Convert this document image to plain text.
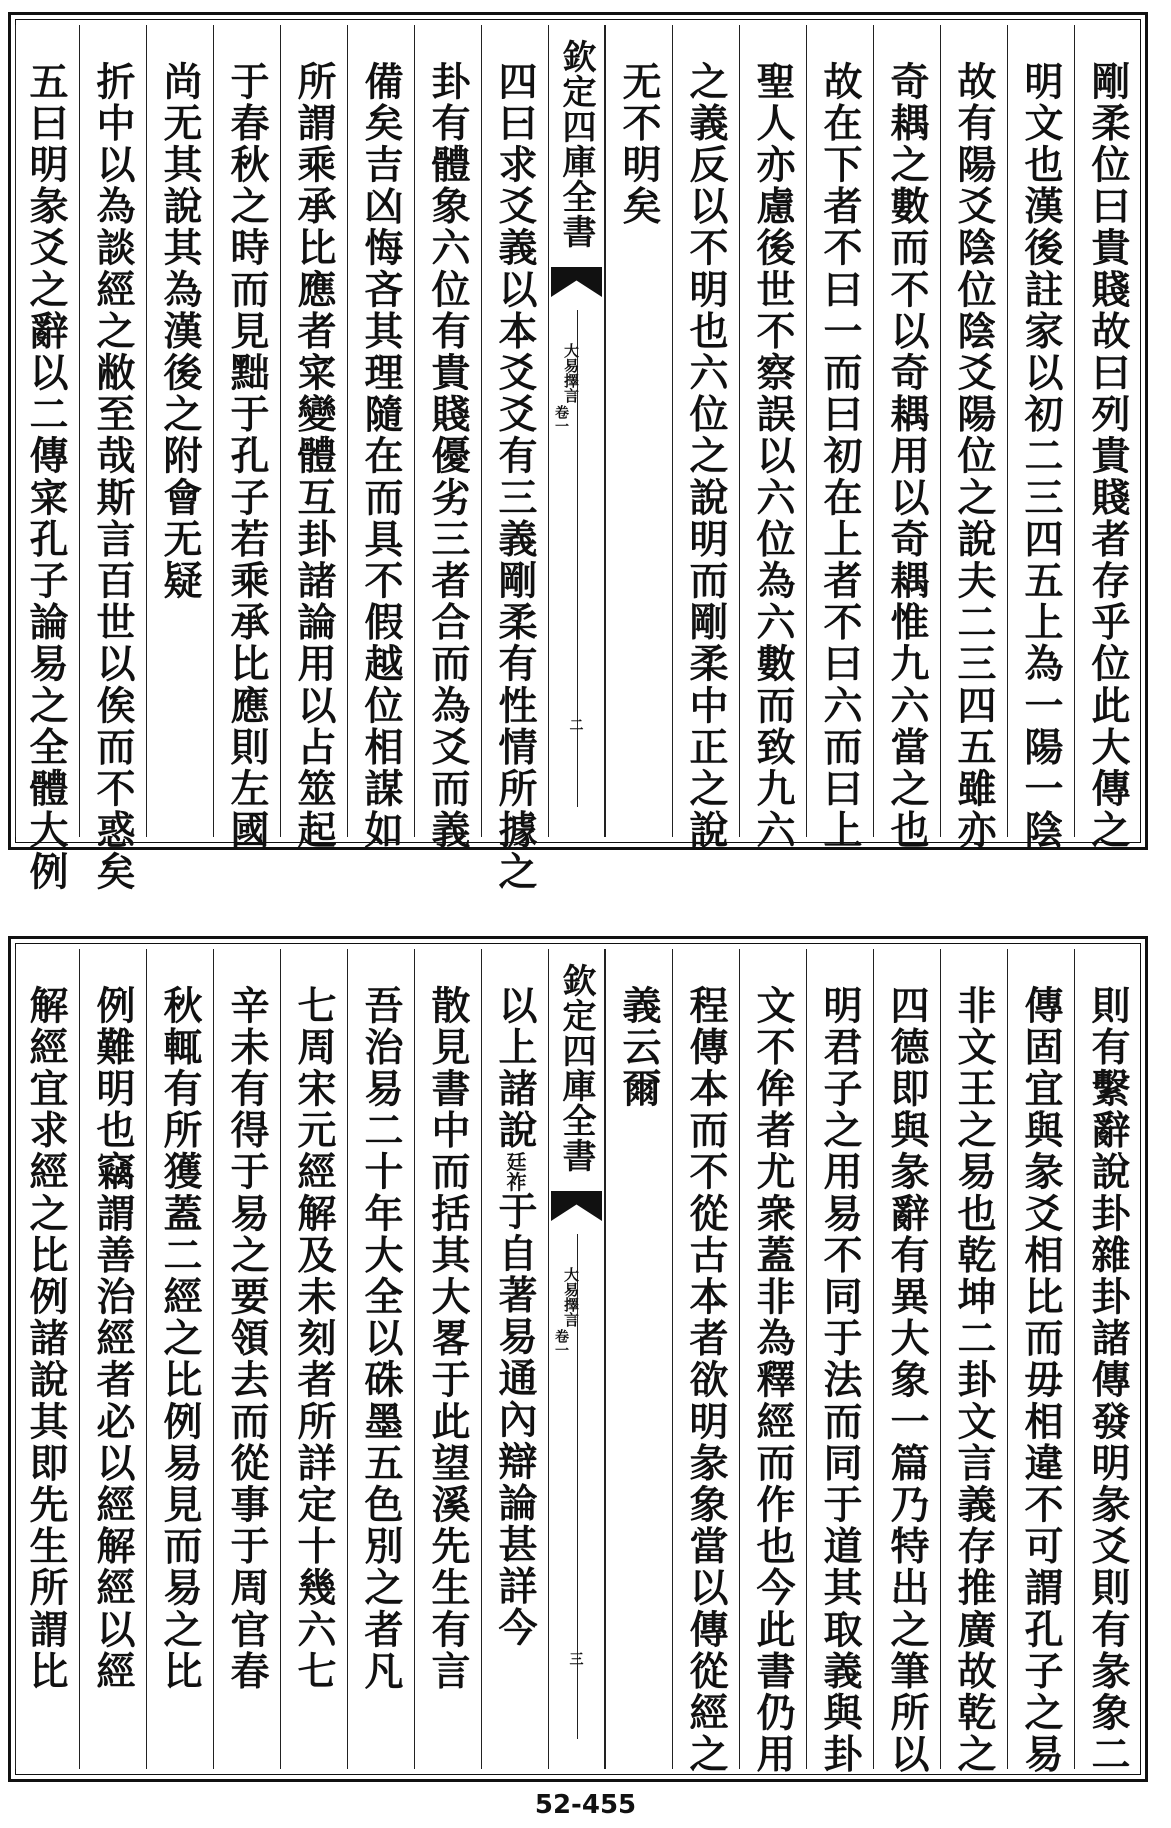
剛柔位曰貴賤故曰列貴賤者存乎位此大傳之
明文也漢後註家以初二三四五上為一陽一陰
故有陽爻陰位陰爻陽位之說夫二三四五雖亦
奇耦之數而不以奇耦用以奇耦惟九六當之也
故在下者不曰一而曰初在上者不曰六而曰上
聖人亦慮後世不察誤以六位為六數而致九六
之義反以不明也六位之說明而剛柔中正之說
无不明矣
欽定四庫全書
大易擇言
卷一
二
四曰求爻義以本爻爻有三義剛柔有性情所據之
卦有體象六位有貴賤優劣三者合而為爻而義
備矣吉凶悔吝其理隨在而具不假越位相謀如
所謂乘承比應者寀變體互卦諸論用以占筮起
于春秋之時而見黜于孔子若乘承比應則左國
尚无其說其為漢後之附會无疑
折中以為談經之敝至哉斯言百世以俟而不惑矣
五曰明彖爻之辭以二傳寀孔子論易之全體大例
則有繫辭說卦雜卦諸傳發明彖爻則有彖象二
傳固宜與彖爻相比而毋相違不可謂孔子之易
非文王之易也乾坤二卦文言義存推廣故乾之
四德即與彖辭有異大象一篇乃特出之筆所以
明君子之用易不同于法而同于道其取義與卦
文不侔者尤衆蓋非為釋經而作也今此書仍用
程傳本而不從古本者欲明彖象當以傳從經之
義云爾
欽定四庫全書
大易擇言
卷一
三
以上諸說廷祚于自著易通內辯論甚詳今
散見書中而括其大畧于此望溪先生有言
吾治易二十年大全以硃墨五色別之者凡
七周宋元經解及未刻者所詳定十幾六七
辛未有得于易之要領去而從事于周官春
秋輒有所獲蓋二經之比例易見而易之比
例難明也竊謂善治經者必以經解經以經
解經宜求經之比例諸說其即先生所謂比
52-455
